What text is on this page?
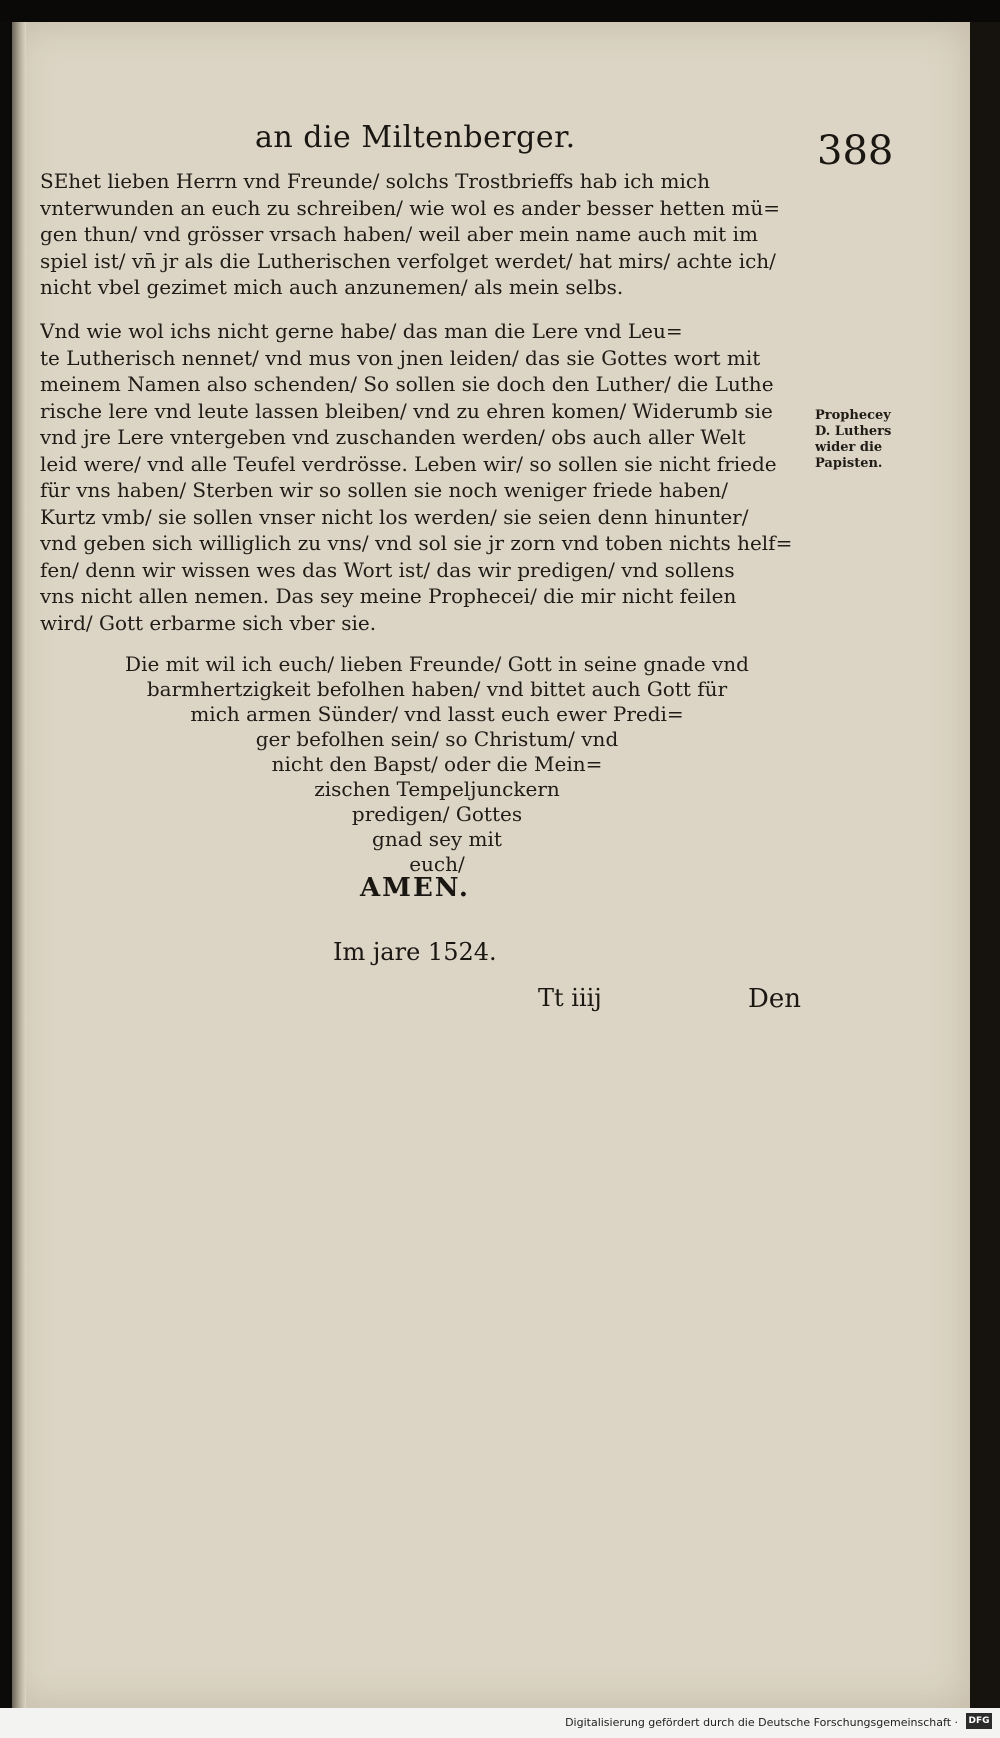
an die Miltenberger.	388
SEhet lieben Herrn vnd Freunde/ solchs Trostbrieffs hab ich mich
vnterwunden an euch zu schreiben/ wie wol es ander besser hetten mü=
gen thun/ vnd grösser vrsach haben/ weil aber mein name auch mit im
spiel ist/ vn̄ jr als die Lutherischen verfolget werdet/ hat mirs/ achte ich/
nicht vbel gezimet mich auch anzunemen/ als mein selbs.
Vnd wie wol ichs nicht gerne habe/ das man die Lere vnd Leu=
te Lutherisch nennet/ vnd mus von jnen leiden/ das sie Gottes wort mit
meinem Namen also schenden/ So sollen sie doch den Luther/ die Luthe
rische lere vnd leute lassen bleiben/ vnd zu ehren komen/ Widerumb sie
vnd jre Lere vntergeben vnd zuschanden werden/ obs auch aller Welt
leid were/ vnd alle Teufel verdrösse. Leben wir/ so sollen sie nicht friede
für vns haben/ Sterben wir so sollen sie noch weniger friede haben/
Kurtz vmb/ sie sollen vnser nicht los werden/ sie seien denn hinunter/
vnd geben sich williglich zu vns/ vnd sol sie jr zorn vnd toben nichts helf=
fen/ denn wir wissen wes das Wort ist/ das wir predigen/ vnd sollens
vns nicht allen nemen. Das sey meine Prophecei/ die mir nicht feilen
wird/ Gott erbarme sich vber sie.
Prophecey
D. Luthers
wider die
Papisten.
Die mit wil ich euch/ lieben Freunde/ Gott in seine gnade vnd
barmhertzigkeit befolhen haben/ vnd bittet auch Gott für
mich armen Sünder/ vnd lasst euch ewer Predi=
ger befolhen sein/ so Christum/ vnd
nicht den Bapst/ oder die Mein=
zischen Tempeljunckern
predigen/ Gottes
gnad sey mit
euch/
AMEN.
Im jare 1524.
Tt iiij	Den
Digitalisierung gefördert durch die Deutsche Forschungsgemeinschaft · DFG
